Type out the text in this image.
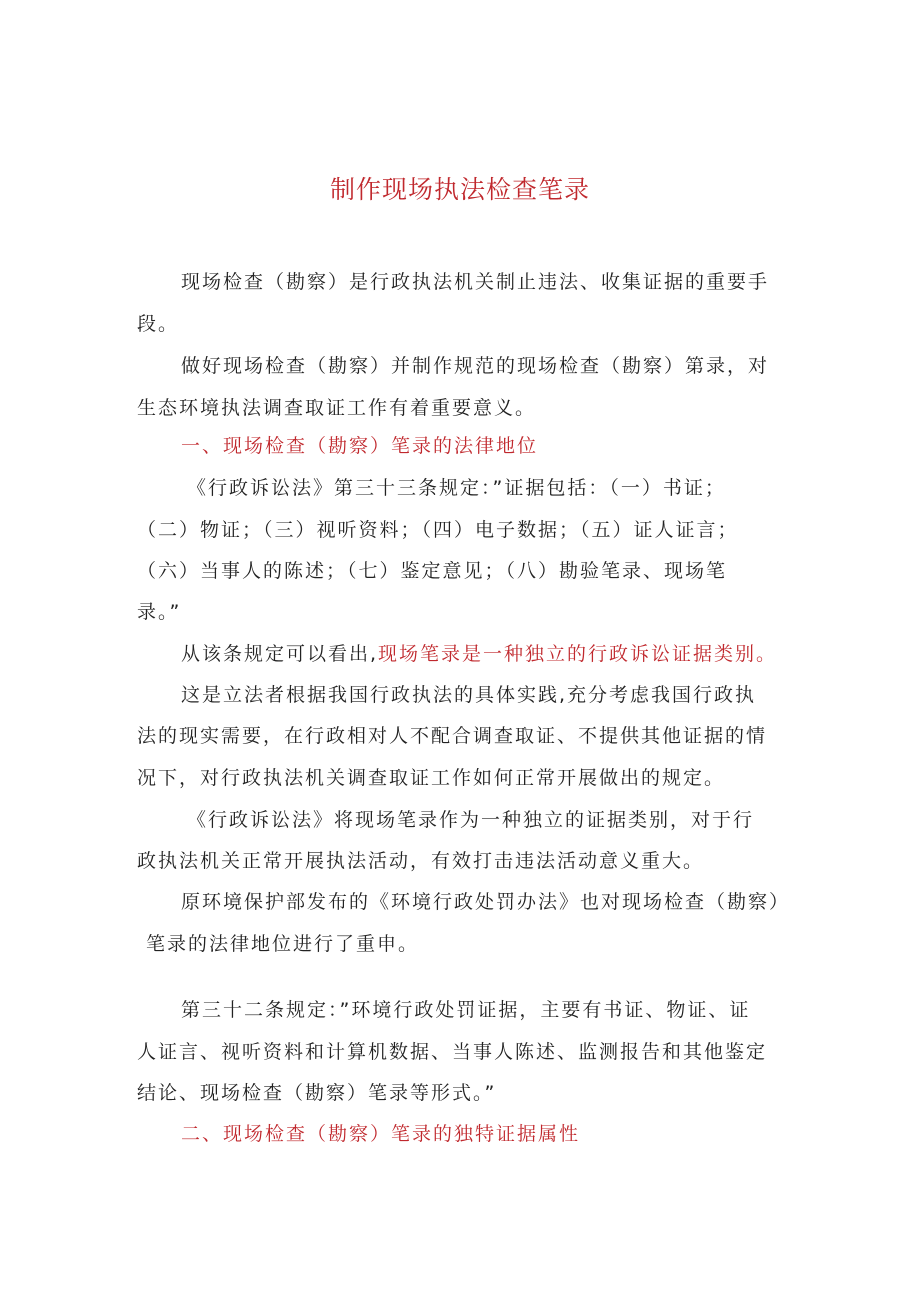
制作现场执法检查笔录
现场检查（勘察）是行政执法机关制止违法、收集证据的重要手
段。
做好现场检查（勘察）并制作规范的现场检查（勘察）第录，对
生态环境执法调查取证工作有着重要意义。
一、现场检查（勘察）笔录的法律地位
《行政诉讼法》第三十三条规定：”证据包括：（一）书证；
（二）物证；（三）视听资料；（四）电子数据；（五）证人证言；
（六）当事人的陈述；（七）鉴定意见；（八）勘验笔录、现场笔
录。”
从该条规定可以看出,现场笔录是一种独立的行政诉讼证据类别。
这是立法者根据我国行政执法的具体实践,充分考虑我国行政执
法的现实需要，在行政相对人不配合调查取证、不提供其他证据的情
况下，对行政执法机关调查取证工作如何正常开展做出的规定。
《行政诉讼法》将现场笔录作为一种独立的证据类别，对于行
政执法机关正常开展执法活动，有效打击违法活动意义重大。
原环境保护部发布的《环境行政处罚办法》也对现场检查（勘察）
笔录的法律地位进行了重申。
第三十二条规定：”环境行政处罚证据，主要有书证、物证、证
人证言、视听资料和计算机数据、当事人陈述、监测报告和其他鉴定
结论、现场检查（勘察）笔录等形式。”
二、现场检查（勘察）笔录的独特证据属性
